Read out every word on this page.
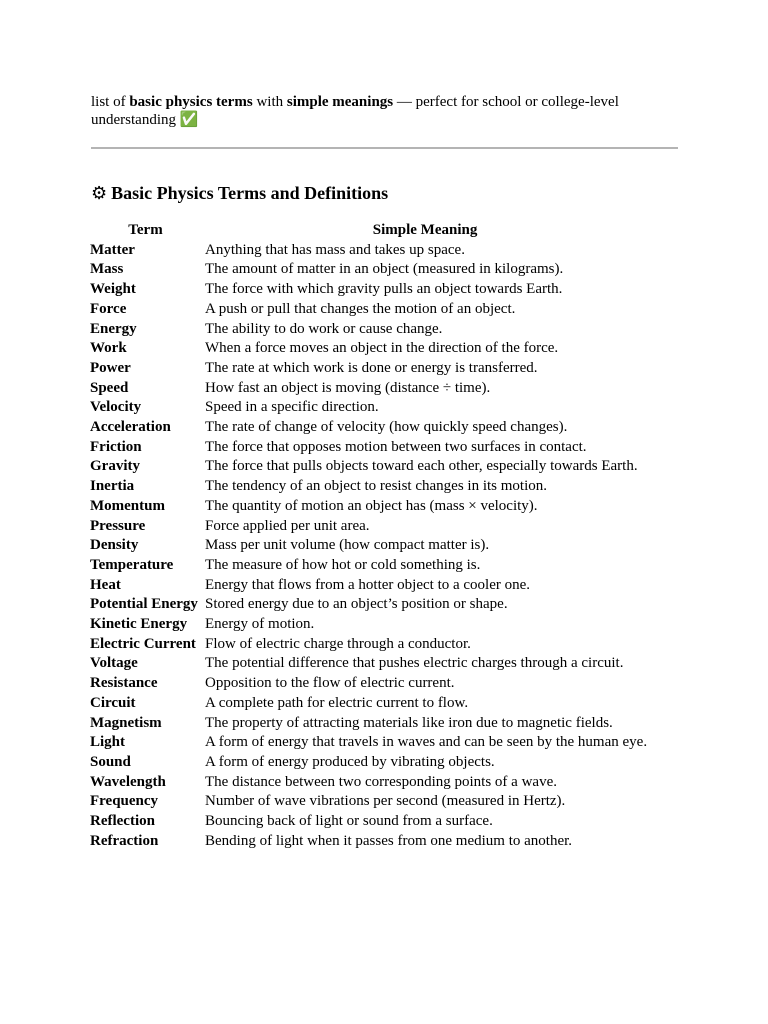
list of basic physics terms with simple meanings — perfect for school or college-level understanding ✅
⚙ Basic Physics Terms and Definitions
Term	Simple Meaning
Matter	Anything that has mass and takes up space.
Mass	The amount of matter in an object (measured in kilograms).
Weight	The force with which gravity pulls an object towards Earth.
Force	A push or pull that changes the motion of an object.
Energy	The ability to do work or cause change.
Work	When a force moves an object in the direction of the force.
Power	The rate at which work is done or energy is transferred.
Speed	How fast an object is moving (distance ÷ time).
Velocity	Speed in a specific direction.
Acceleration	The rate of change of velocity (how quickly speed changes).
Friction	The force that opposes motion between two surfaces in contact.
Gravity	The force that pulls objects toward each other, especially towards Earth.
Inertia	The tendency of an object to resist changes in its motion.
Momentum	The quantity of motion an object has (mass × velocity).
Pressure	Force applied per unit area.
Density	Mass per unit volume (how compact matter is).
Temperature	The measure of how hot or cold something is.
Heat	Energy that flows from a hotter object to a cooler one.
Potential Energy	Stored energy due to an object’s position or shape.
Kinetic Energy	Energy of motion.
Electric Current	Flow of electric charge through a conductor.
Voltage	The potential difference that pushes electric charges through a circuit.
Resistance	Opposition to the flow of electric current.
Circuit	A complete path for electric current to flow.
Magnetism	The property of attracting materials like iron due to magnetic fields.
Light	A form of energy that travels in waves and can be seen by the human eye.
Sound	A form of energy produced by vibrating objects.
Wavelength	The distance between two corresponding points of a wave.
Frequency	Number of wave vibrations per second (measured in Hertz).
Reflection	Bouncing back of light or sound from a surface.
Refraction	Bending of light when it passes from one medium to another.
